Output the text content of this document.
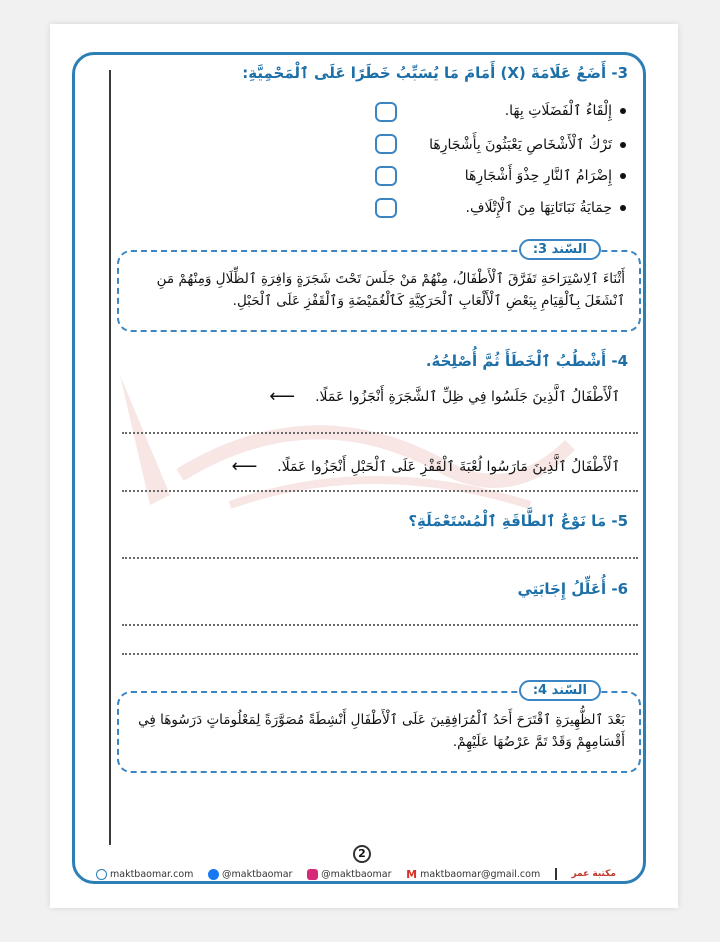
3- أَضَعُ عَلَامَةَ (X) أَمَامَ مَا يُسَبِّبُ خَطَرًا عَلَى ٱلْمَحْمِيَّةِ:
إِلْقَاءُ ٱلْفَضَلَاتِ بِهَا.
تَرْكُ ٱلْأَشْخَاصِ يَعْبَثُونَ بِأَشْجَارِهَا
إِضْرَامُ ٱلنَّارِ حِذْوَ أَشْجَارِهَا
حِمَايَةُ نَبَاتَاتِهَا مِنَ ٱلْإِتْلَافِ.
السّند 3:
أَثْنَاءَ ٱلِاسْتِرَاحَةِ تَفَرَّقَ ٱلْأَطْفَالُ، مِنْهُمْ مَنْ جَلَسَ تَحْتَ شَجَرَةٍ وَافِرَةِ ٱلظِّلَالِ وَمِنْهُمْ مَنِ ٱنْشَغَلَ بِٱلْقِيَامِ بِبَعْضِ ٱلْأَلْعَابِ ٱلْحَرَكِيَّةِ كَٱلْغُمَيْضَةِ وَٱلْقَفْزِ عَلَى ٱلْحَبْلِ.
4- أَشْطُبُ ٱلْخَطَأَ ثُمَّ أُصْلِحُهُ.
ٱلْأَطْفَالُ ٱلَّذِينَ جَلَسُوا فِي ظِلِّ ٱلشَّجَرَةِ أَنْجَزُوا عَمَلًا.
⟵
ٱلْأَطْفَالُ ٱلَّذِينَ مَارَسُوا لُعْبَةَ ٱلْقَفْزِ عَلَى ٱلْحَبْلِ أَنْجَزُوا عَمَلًا.
⟵
5- مَا نَوْعُ ٱلطَّاقَةِ ٱلْمُسْتَعْمَلَةِ؟
6- أُعَلِّلُ إِجَابَتِي
السّند 4:
بَعْدَ ٱلظُّهِيرَةِ ٱقْتَرَحَ أَحَدُ ٱلْمُرَافِقِينَ عَلَى ٱلْأَطْفَالِ أَنْشِطَةً مُصَوَّرَةً لِمَعْلُومَاتٍ دَرَسُوهَا فِي أَقْسَامِهِمْ وَقَدْ تَمَّ عَرْضُهَا عَلَيْهِمْ.
2
maktbaomar.com	@maktbaomar	@maktbaomar M maktbaomar@gmail.com	مكتبة عمر
